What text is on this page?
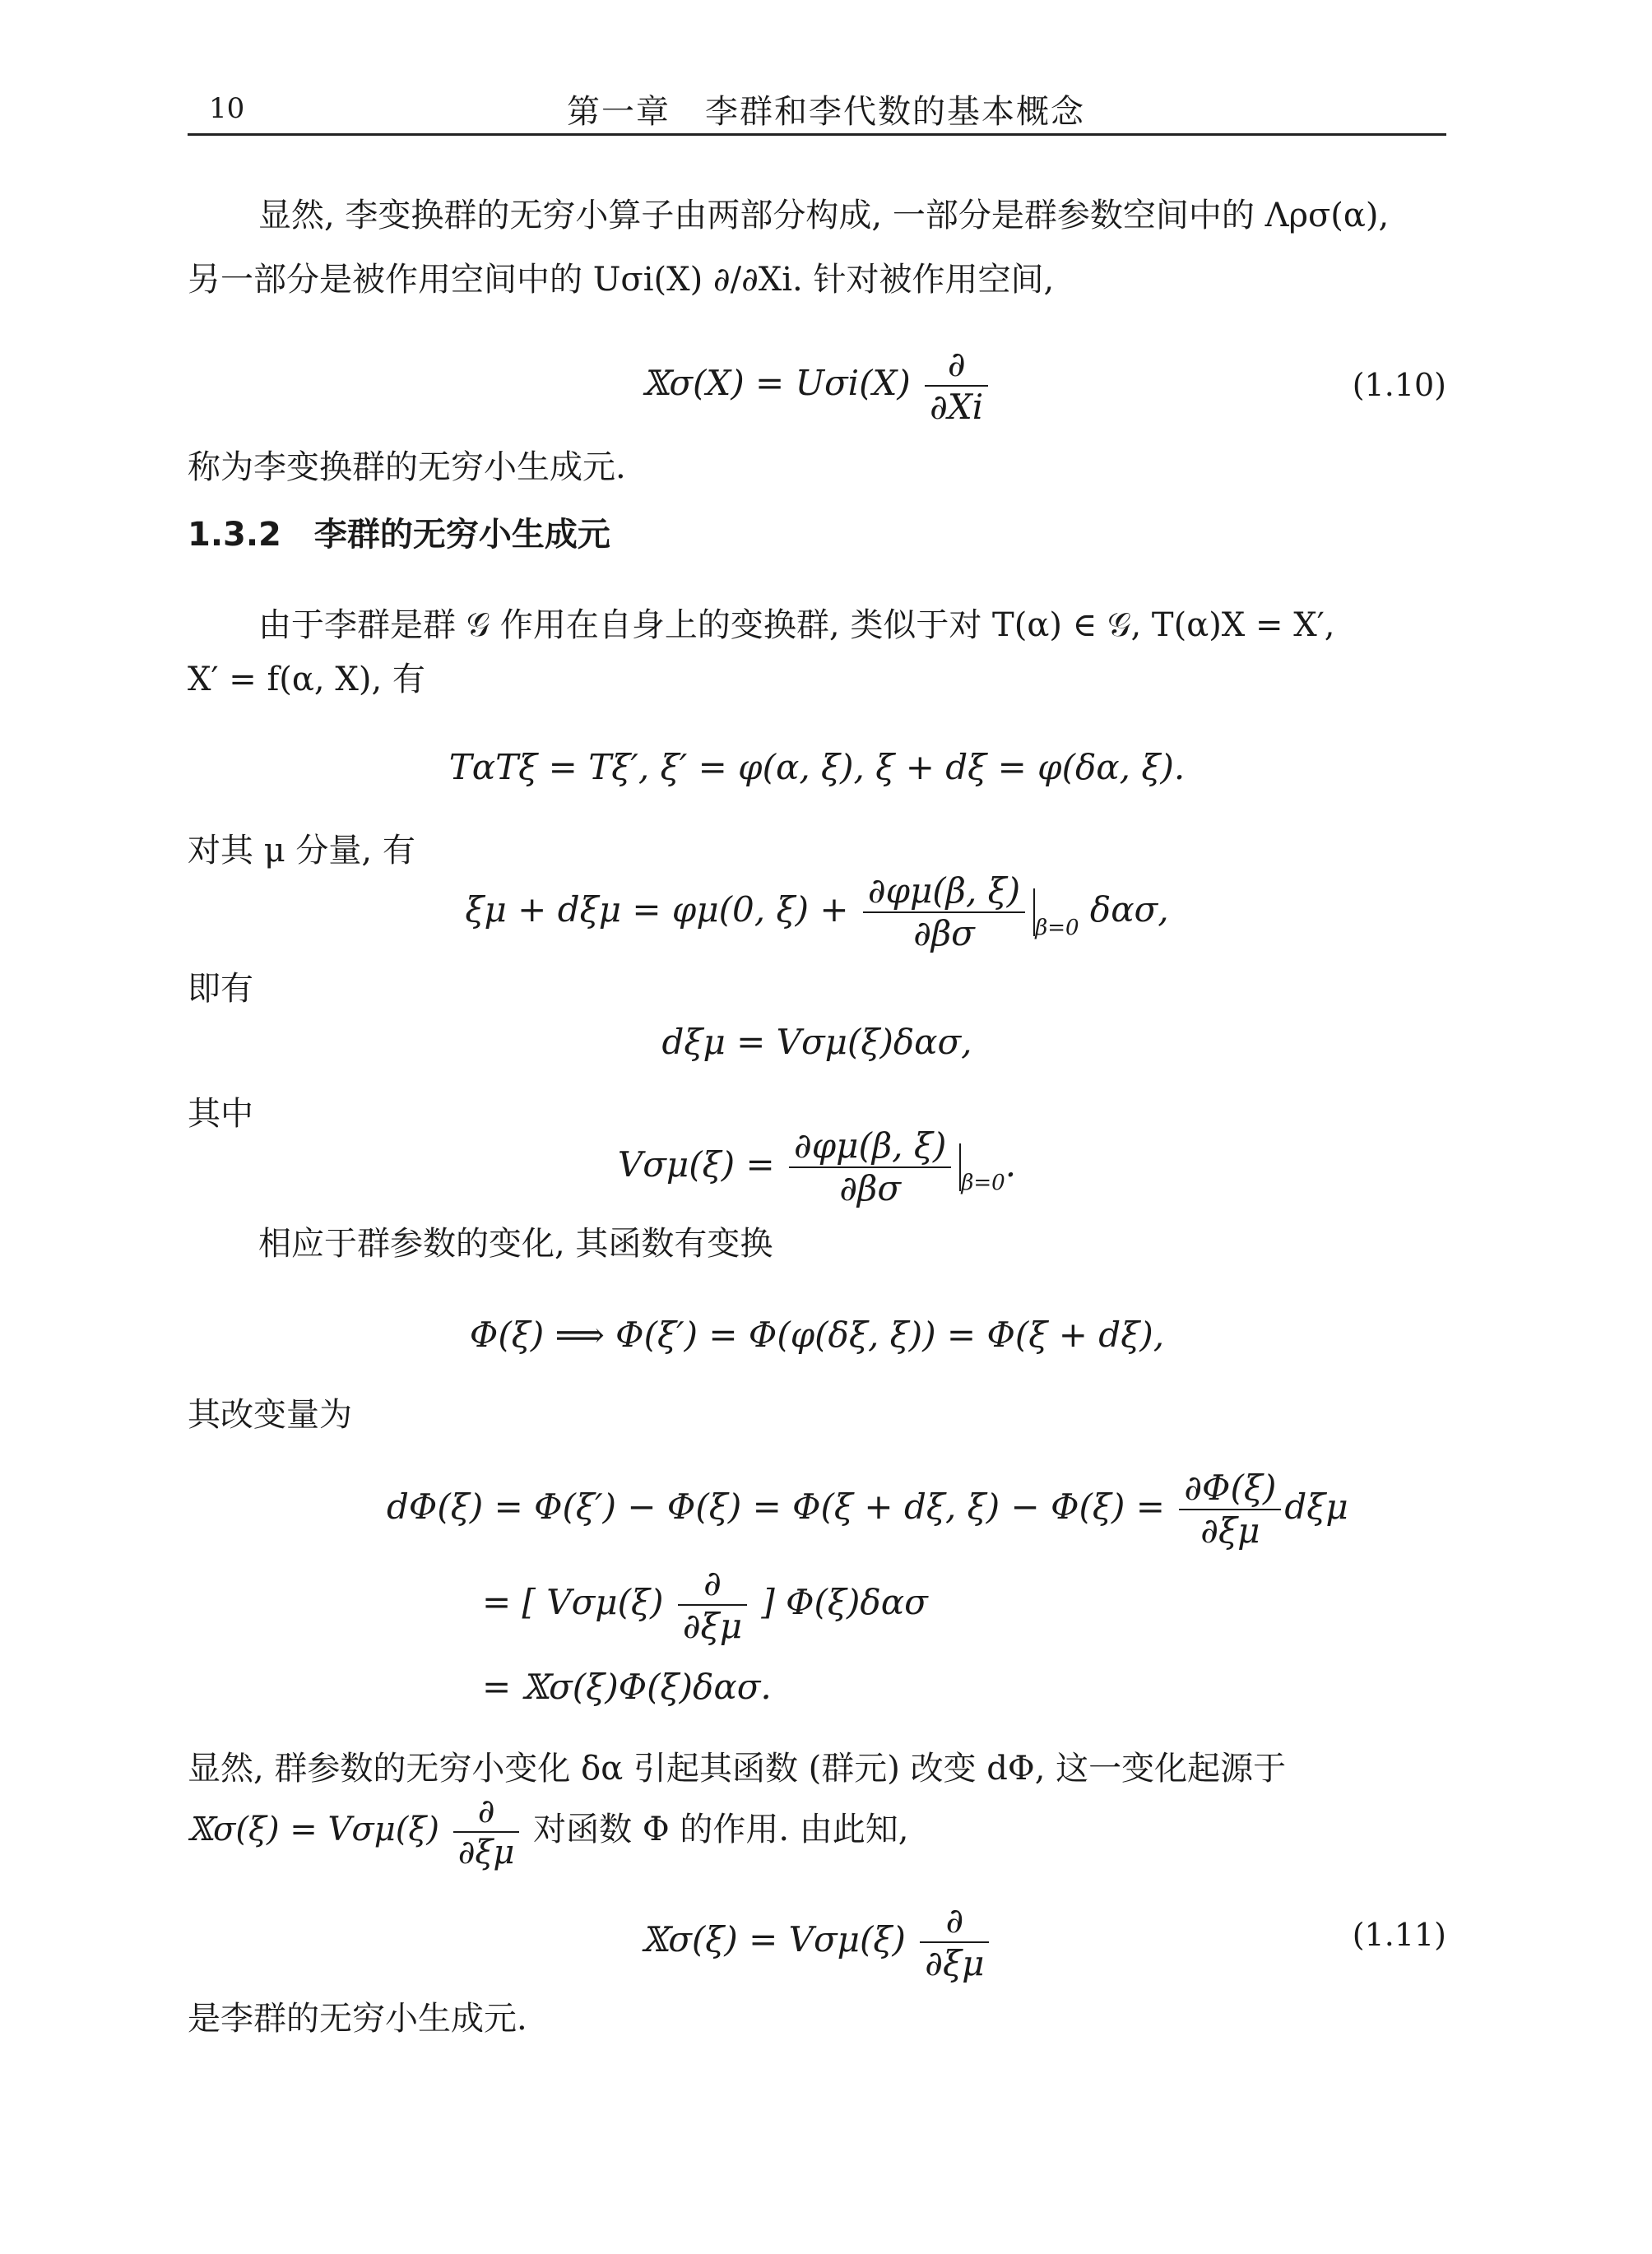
10	第一章　李群和李代数的基本概念
显然, 李变换群的无穷小算子由两部分构成, 一部分是群参数空间中的 Λρσ(α),
另一部分是被作用空间中的 Uσi(X) ∂/∂Xi. 针对被作用空间,
𝕏σ(X) = $U\sigma i(X) \frac{\partial}{\partial Xi}$	(1.10)
称为李变换群的无穷小生成元.
1.3.2　李群的无穷小生成元
由于李群是群 𝒢 作用在自身上的变换群, 类似于对 T(α) ∈ 𝒢, T(α)X = X′,
X′ = f(α, X), 有
TαTξ = Tξ′, ξ′ = φ(α, ξ), ξ + dξ = φ(δα, ξ).
对其 μ 分量, 有
ξμ + dξμ = φμ(0, $\xi) + \frac{\partial\varphi\mu(\beta, \xi)}{\partial\beta\sigma} _{\beta=0}$ δασ,
即有
dξμ = Vσμ(ξ)δασ,
其中
$V\sigma\mu(\xi) = \frac{\partial\varphi\mu(\beta, \xi)}{\partial\beta\sigma} _{\beta=0}$.
相应于群参数的变化, 其函数有变换
Φ(ξ) ⟹ Φ(ξ′) = Φ(φ(δξ, ξ)) = Φ(ξ + dξ),
其改变量为
dΦ(ξ) = Φ(ξ′) − Φ(ξ) = Φ(ξ + dξ, $\xi) - \Phi(\xi) = \frac{\partial\Phi(\xi)}{\partial\xi\mu}$ dξμ
= [ $V\sigma\mu(\xi) \frac{\partial}{\partial\xi\mu}$ ] Φ(ξ)δασ
= 𝕏σ(ξ)Φ(ξ)δασ.
显然, 群参数的无穷小变化 δα 引起其函数 (群元) 改变 dΦ, 这一变化起源于
𝕏σ(ξ) = $V\sigma\mu(\xi) \frac{\partial}{\partial\xi\mu}$ 对函数 Φ 的作用. 由此知,
𝕏σ(ξ) = $V\sigma\mu(\xi) \frac{\partial}{\partial\xi\mu}$	(1.11)
是李群的无穷小生成元.
